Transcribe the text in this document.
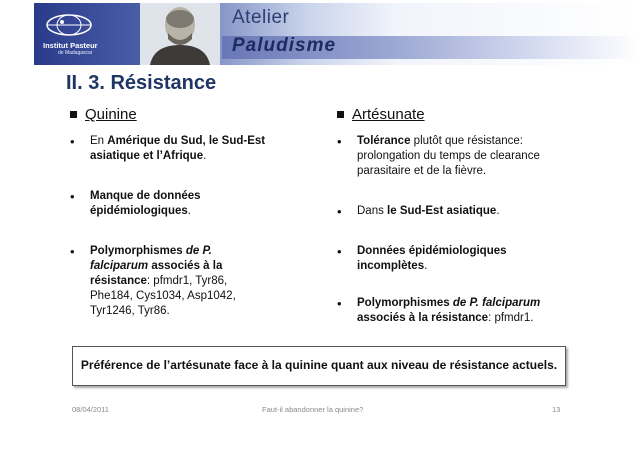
Institut Pasteur
de Madagascar
Atelier
Paludisme
II. 3. Résistance
Quinine
• En Amérique du Sud, le Sud-Est
asiatique et l’Afrique.
• Manque de données
épidémiologiques.
• Polymorphismes de P.
falciparum associés à la
résistance: pfmdr1, Tyr86,
Phe184, Cys1034, Asp1042,
Tyr1246, Tyr86.
Artésunate
• Tolérance plutôt que résistance:
prolongation du temps de clearance
parasitaire et de la fièvre.
• Dans le Sud-Est asiatique.
• Données épidémiologiques
incomplètes.
• Polymorphismes de P. falciparum
associés à la résistance: pfmdr1.
Préférence de l’artésunate face à la quinine quant aux niveau de résistance actuels.
08/04/2011	Faut-il abandonner la quinine?	13
